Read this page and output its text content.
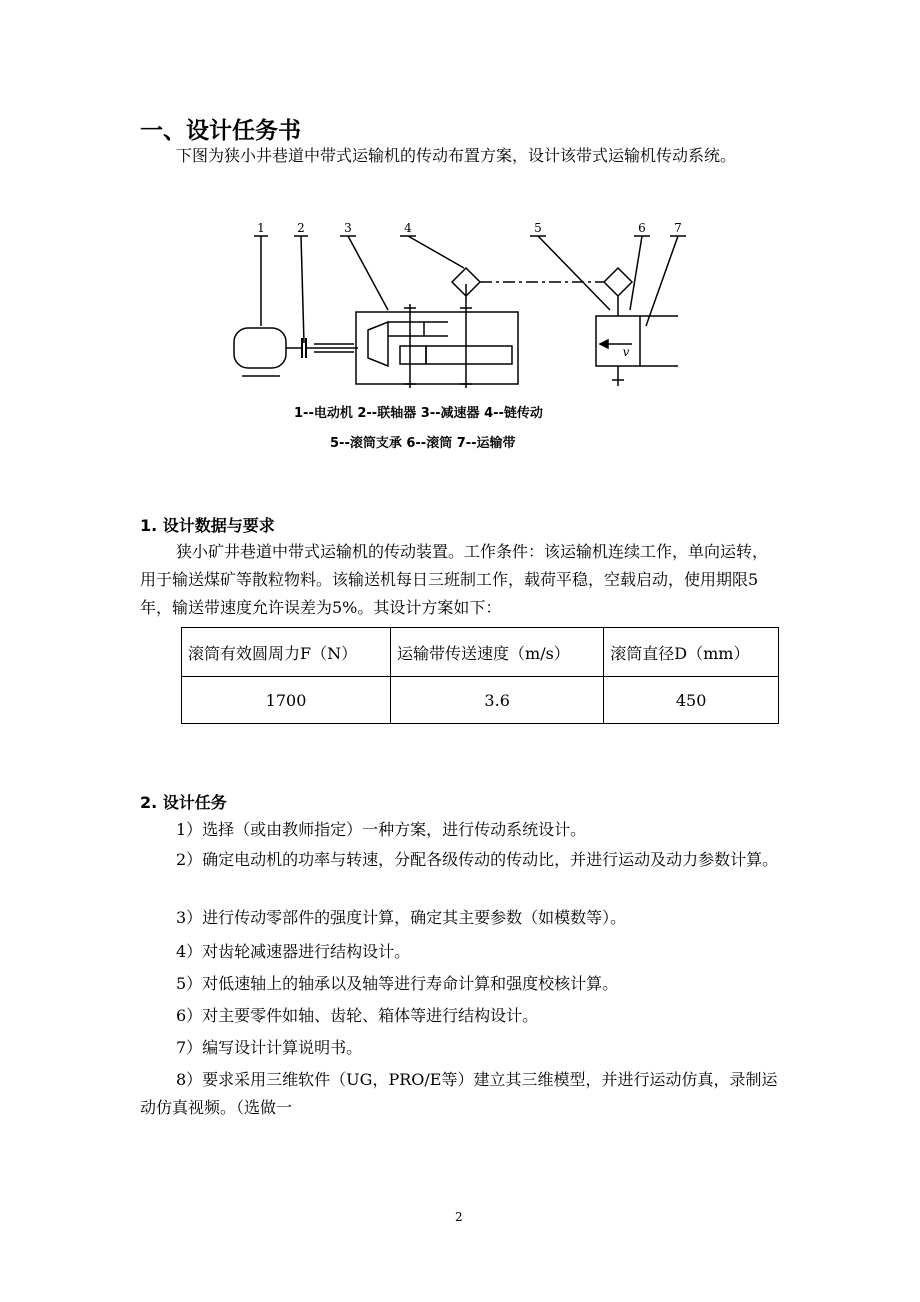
一、设计任务书
下图为狭小井巷道中带式运输机的传动布置方案，设计该带式运输机传动系统。
1	2	3	4	5	6 7
v
1--电动机 2--联轴器 3--减速器 4--链传动
5--滚筒支承 6--滚筒 7--运输带
1. 设计数据与要求
狭小矿井巷道中带式运输机的传动装置。工作条件：该运输机连续工作，单向运转，用于输送煤矿等散粒物料。该输送机每日三班制工作，载荷平稳，空载启动，使用期限5年，输送带速度允许误差为5%。其设计方案如下：
滚筒有效圆周力F（N）	运输带传送速度（m/s）	滚筒直径D（mm）
1700	3.6	450
2. 设计任务
1）选择（或由教师指定）一种方案，进行传动系统设计。
2）确定电动机的功率与转速，分配各级传动的传动比，并进行运动及动力参数计算。
3）进行传动零部件的强度计算，确定其主要参数（如模数等）。
4）对齿轮减速器进行结构设计。
5）对低速轴上的轴承以及轴等进行寿命计算和强度校核计算。
6）对主要零件如轴、齿轮、箱体等进行结构设计。
7）编写设计计算说明书。
8）要求采用三维软件（UG，PRO/E等）建立其三维模型，并进行运动仿真，录制运动仿真视频。（选做一
2
